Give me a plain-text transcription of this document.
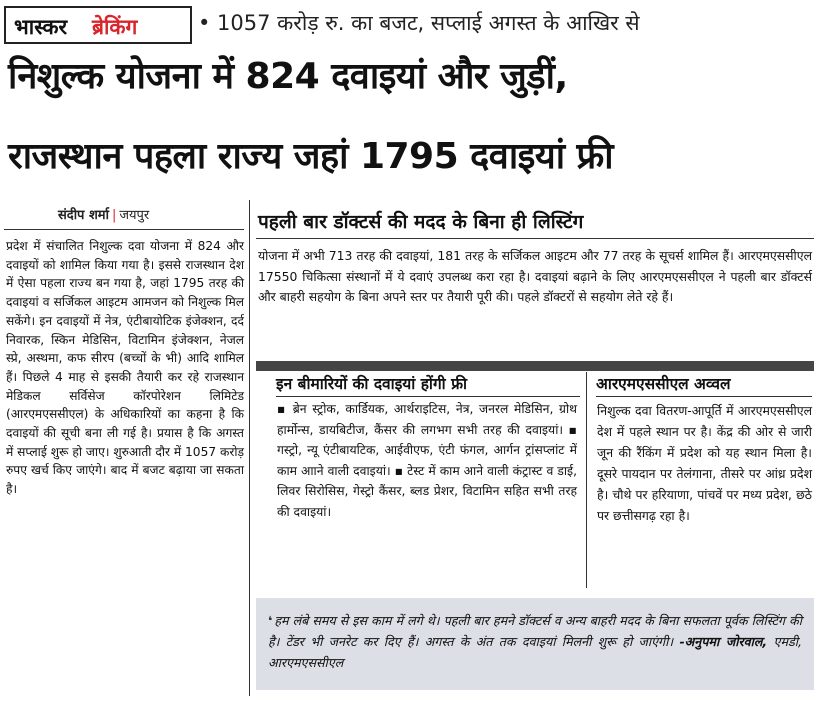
भास्कर ब्रेकिंग	• 1057 करोड़ रु. का बजट, सप्लाई अगस्त के आखिर से
निशुल्क योजना में 824 दवाइयां और जुड़ीं,
राजस्थान पहला राज्य जहां 1795 दवाइयां फ्री
संदीप शर्मा | जयपुर
प्रदेश में संचालित निशुल्क दवा योजना में 824 और दवाइयों को शामिल किया गया है। इससे राजस्थान देश में ऐसा पहला राज्य बन गया है, जहां 1795 तरह की दवाइयां व सर्जिकल आइटम आमजन को निशुल्क मिल सकेंगे। इन दवाइयों में नेत्र, एंटीबायोटिक इंजेक्शन, दर्द निवारक, स्किन मेडिसिन, विटामिन इंजेक्शन, नेजल स्प्रे, अस्थमा, कफ सीरप (बच्चों के भी) आदि शामिल हैं। पिछले 4 माह से इसकी तैयारी कर रहे राजस्थान मेडिकल सर्विसेज कॉरपोरेशन लिमिटेड (आरएमएससीएल) के अधिकारियों का कहना है कि दवाइयों की सूची बना ली गई है। प्रयास है कि अगस्त में सप्लाई शुरू हो जाए। शुरुआती दौर में 1057 करोड़ रुपए खर्च किए जाएंगे। बाद में बजट बढ़ाया जा सकता है।
पहली बार डॉक्टर्स की मदद के बिना ही लिस्टिंग
योजना में अभी 713 तरह की दवाइयां, 181 तरह के सर्जिकल आइटम और 77 तरह के सूचर्स शामिल हैं। आरएमएससीएल 17550 चिकित्सा संस्थानों में ये दवाएं उपलब्ध करा रहा है। दवाइयां बढ़ाने के लिए आरएमएससीएल ने पहली बार डॉक्टर्स और बाहरी सहयोग के बिना अपने स्तर पर तैयारी पूरी की। पहले डॉक्टरों से सहयोग लेते रहे हैं।
इन बीमारियों की दवाइयां होंगी फ्री	आरएमएससीएल अव्वल
▪ ब्रेन स्ट्रोक, कार्डियक, आर्थराइटिस, नेत्र, जनरल मेडिसिन, ग्रोथ हार्मोन्स, डायबिटीज, कैंसर की लगभग सभी तरह की दवाइयां। ▪ गस्ट्रो, न्यू एंटीबायटिक, आईवीएफ, एंटी फंगल, आर्गन ट्रांसप्लांट में काम आाने वाली दवाइयां। ▪ टेस्ट में काम आने वाली कंट्रास्ट व डाई, लिवर सिरोसिस, गेस्ट्रो कैंसर, ब्लड प्रेशर, विटामिन सहित सभी तरह की दवाइयां।
निशुल्क दवा वितरण-आपूर्ति में आरएमएससीएल देश में पहले स्थान पर है। केंद्र की ओर से जारी जून की रैंकिंग में प्रदेश को यह स्थान मिला है। दूसरे पायदान पर तेलंगाना, तीसरे पर आंध्र प्रदेश है। चौथे पर हरियाणा, पांचवें पर मध्य प्रदेश, छठे पर छत्तीसगढ़ रहा है।
❛ हम लंबे समय से इस काम में लगे थे। पहली बार हमने डॉक्टर्स व अन्य बाहरी मदद के बिना सफलता पूर्वक लिस्टिंग की है। टेंडर भी जनरेट कर दिए हैं। अगस्त के अंत तक दवाइयां मिलनी शुरू हो जाएंगी। -अनुपमा जोरवाल, एमडी, आरएमएससीएल
